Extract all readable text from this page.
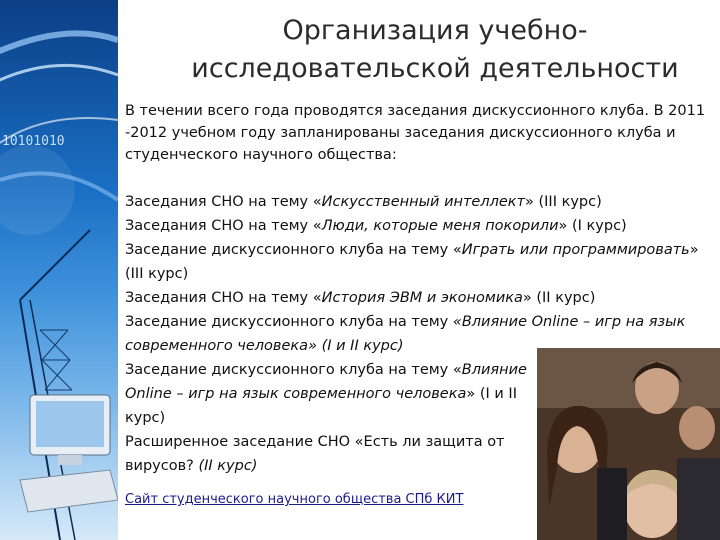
10101010
Организация учебно-
исследовательской деятельности
В течении всего года проводятся заседания дискуссионного клуба. В 2011 -2012 учебном году запланированы заседания дискуссионного клуба и студенческого научного общества:
Заседания СНО на тему «Искусственный интеллект» (III курс)
Заседания СНО на тему «Люди, которые меня покорили» (I курс)
Заседание дискуссионного клуба на тему «Играть или программировать» (III курс)
Заседания СНО на тему «История ЭВМ и экономика» (II курс)
Заседание дискуссионного клуба на тему «Влияние Online – игр на язык современного человека» (I и II курс)
Заседание дискуссионного клуба на тему «Влияние Online – игр на язык современного человека» (I и II курс)
Расширенное заседание СНО «Есть ли защита от вирусов? (II курс)
Сайт студенческого научного общества СПб КИТ
